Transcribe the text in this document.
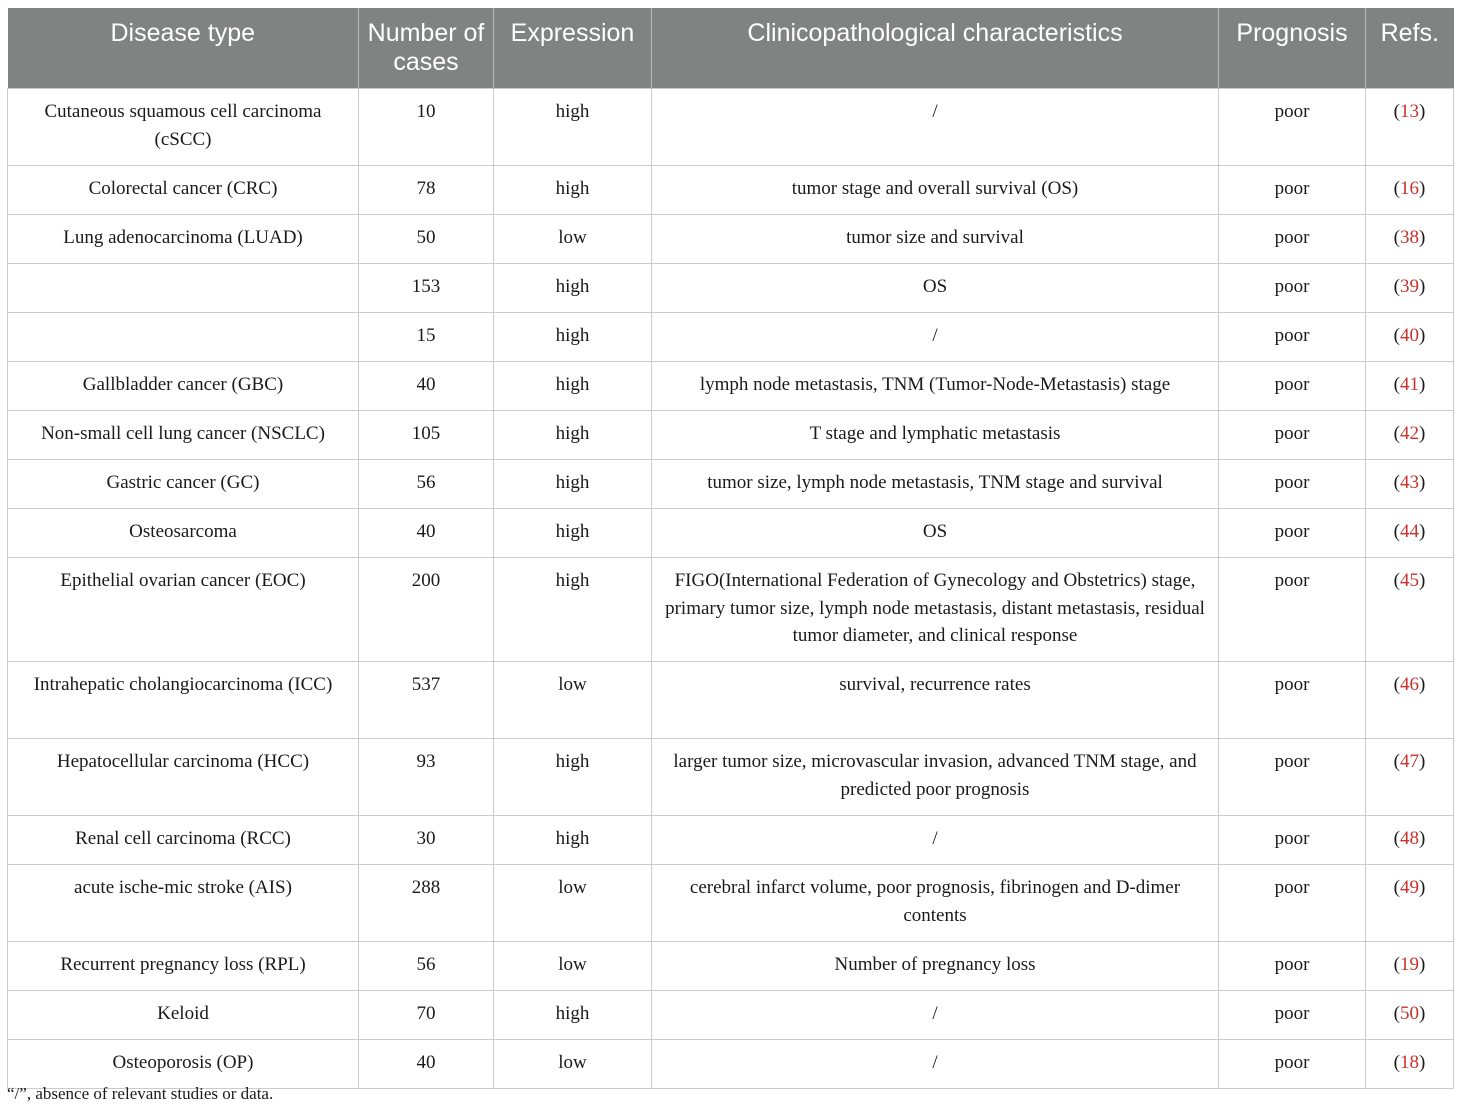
Disease type	Number of cases	Expression	Clinicopathological characteristics	Prognosis	Refs.
Cutaneous squamous cell carcinoma (cSCC)	10	high	/	poor	(13)
Colorectal cancer (CRC)	78	high	tumor stage and overall survival (OS)	poor	(16)
Lung adenocarcinoma (LUAD)	50	low	tumor size and survival	poor	(38)
	153	high	OS	poor	(39)
	15	high	/	poor	(40)
Gallbladder cancer (GBC)	40	high	lymph node metastasis, TNM (Tumor-Node-Metastasis) stage	poor	(41)
Non-small cell lung cancer (NSCLC)	105	high	T stage and lymphatic metastasis	poor	(42)
Gastric cancer (GC)	56	high	tumor size, lymph node metastasis, TNM stage and survival	poor	(43)
Osteosarcoma	40	high	OS	poor	(44)
Epithelial ovarian cancer (EOC)	200	high	FIGO(International Federation of Gynecology and Obstetrics) stage, primary tumor size, lymph node metastasis, distant metastasis, residual tumor diameter, and clinical response	poor	(45)
Intrahepatic cholangiocarcinoma (ICC)	537	low	survival, recurrence rates	poor	(46)
Hepatocellular carcinoma (HCC)	93	high	larger tumor size, microvascular invasion, advanced TNM stage, and predicted poor prognosis	poor	(47)
Renal cell carcinoma (RCC)	30	high	/	poor	(48)
acute ische-mic stroke (AIS)	288	low	cerebral infarct volume, poor prognosis, fibrinogen and D-dimer contents	poor	(49)
Recurrent pregnancy loss (RPL)	56	low	Number of pregnancy loss	poor	(19)
Keloid	70	high	/	poor	(50)
Osteoporosis (OP)	40	low	/	poor	(18)
“/”, absence of relevant studies or data.
